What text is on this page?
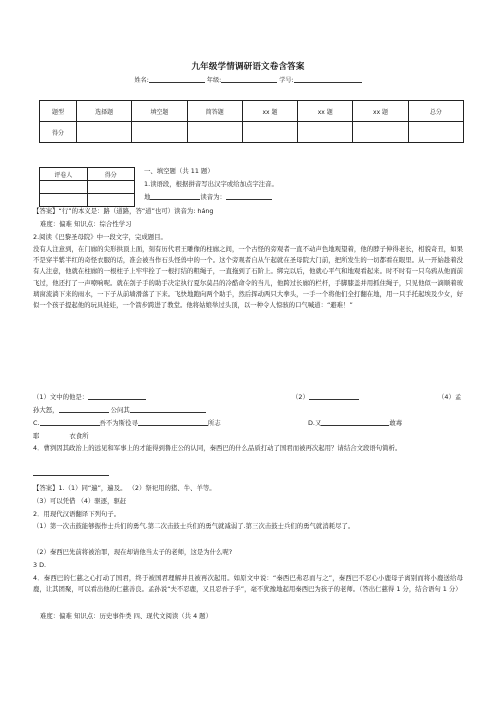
九年级学情调研语文卷含答案
姓名:	年级:	学号:
题型	选择题	填空题	简答题	xx 题	xx 题	xx 题	总分
得分							
评卷人	得分

		一、填空题（共 11 题）
1.读语段，根据拼音写出汉字或给加点字注音。
地	读音为：
【答案】“行”的本义是：路（道路，答“道”也可）读音为: háng
难度：偏难 知识点：综合性学习
2.阅读《巴黎圣母院》中一段文字，完成题目。
没有人注意到，在门廊的尖形拱顶上面，刻有历代君王雕像的柱廊之间，一个古怪的旁观者一直不动声色地观望着，他的脖子伸得老长，相貌奇丑，如果不是穿半紫半红的奇怪衣服的话，准会被当作石头怪兽中的一个。这个旁观者自从午起就在圣母院大门前，把所发生的一切都看在眼里。从一开始趁着没有人注意，他就在柱廊的一根柱子上牢牢拴了一根打结的粗绳子，一直拖到了石阶上。绑完以后，他就心平气和地观看起来。时不时有一只乌鸦从他面前飞过，他还打了一声嘹响呢。就在刽子手的助手决定执行夏尔莫吕的冷酷命令的当儿，他跨过长廊的栏杆，手脚膝盖并用抓住绳子，只见他似一滴顺着玻璃窗流淌下来的雨水，一下子从前墙滑落了下来。飞快地跑向两个助手，然后挥动两只大拳头，一手一个将他们全打翻在地，用一只手托起埃及少女，好似一个孩子提起他的玩具娃娃，一个箭步跨进了教堂。他将姑娘举过头顶，以一种令人惊骇的口气喊道：“避难！”
（1）文中的他是：	（2）	（4）孟
孙大怒，	公问其
C.	吾不为斯役寻	所志	D.又	敢毒
耶	衣食所
4．曹刿因其政治上的远见和军事上的才能得到鲁庄公的认同，秦西巴的什么品质打动了国君而被再次起用？请结合文段语句简析。
【答案】1.（1）同“遍”，遍及。 （2）祭祀用的猪、牛、羊等。
（3）可以凭借 （4）驱逐，驱赶
2．用现代汉语翻译下列句子。
（1）第一次击鼓能够振作士兵们的勇气.第二次击鼓士兵们的勇气就减弱了.第三次击鼓士兵们的勇气就消耗尽了。
（2）秦西巴先前将被治罪，现在却请他当太子的老师，这是为什么呢?
3 D.
4．秦西巴的仁慈之心打动了国君，终于被国君理解并且被再次起用。如原文中说：“秦西巴弗忍而与之”，秦西巴不忍心小鹿母子离别而将小鹿送给母鹿，让其团聚，可以看出他的仁慈善良。孟孙说“夫不忍鹿，又且忍吾子乎”，毫不犹豫地起用秦西巴为孩子的老师。（答出仁慈得 1 分，结合语句 1 分）
难度：偏难 知识点：历史事件类 四、现代文阅读（共 4 题）
